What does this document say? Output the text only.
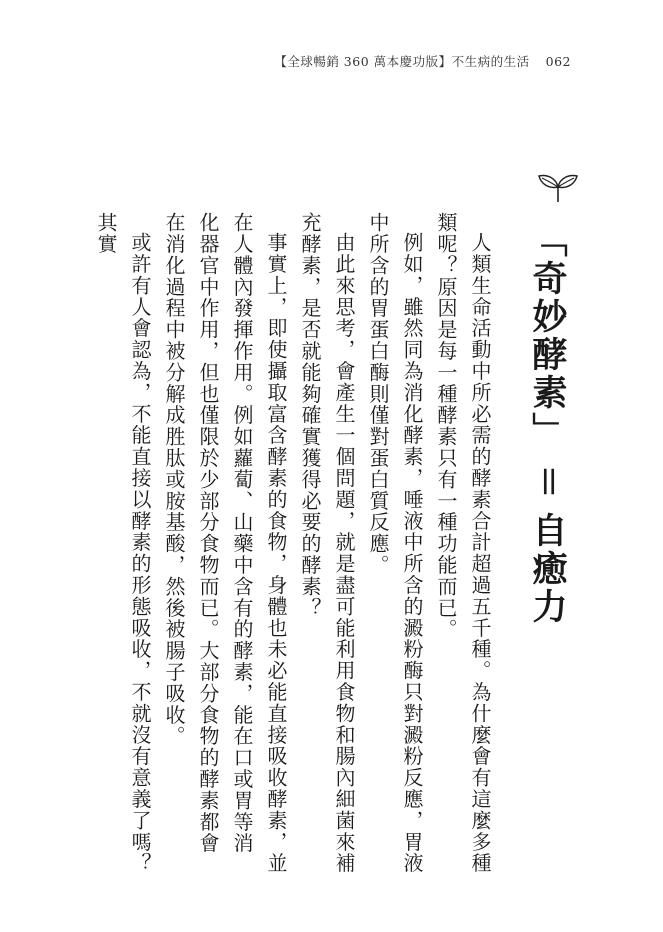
【全球暢銷 360 萬本慶功版】不生病的生活 062
「奇妙酵素」＝自癒力

人類生命活動中所必需的酵素合計超過五千種。為什麼會有這麼多種類呢？原因是每一種酵素只有一種功能而已。

例如，雖然同為消化酵素，唾液中所含的澱粉酶只對澱粉反應，胃液中所含的胃蛋白酶則僅對蛋白質反應。

由此來思考，會產生一個問題，就是盡可能利用食物和腸內細菌來補充酵素，是否就能夠確實獲得必要的酵素？

事實上，即使攝取富含酵素的食物，身體也未必能直接吸收酵素，並在人體內發揮作用。例如蘿蔔、山藥中含有的酵素，能在口或胃等消化器官中作用，但也僅限於少部分食物而已。大部分食物的酵素都會在消化過程中被分解成胜肽或胺基酸，然後被腸子吸收。

或許有人會認為，不能直接以酵素的形態吸收，不就沒有意義了嗎？其實
